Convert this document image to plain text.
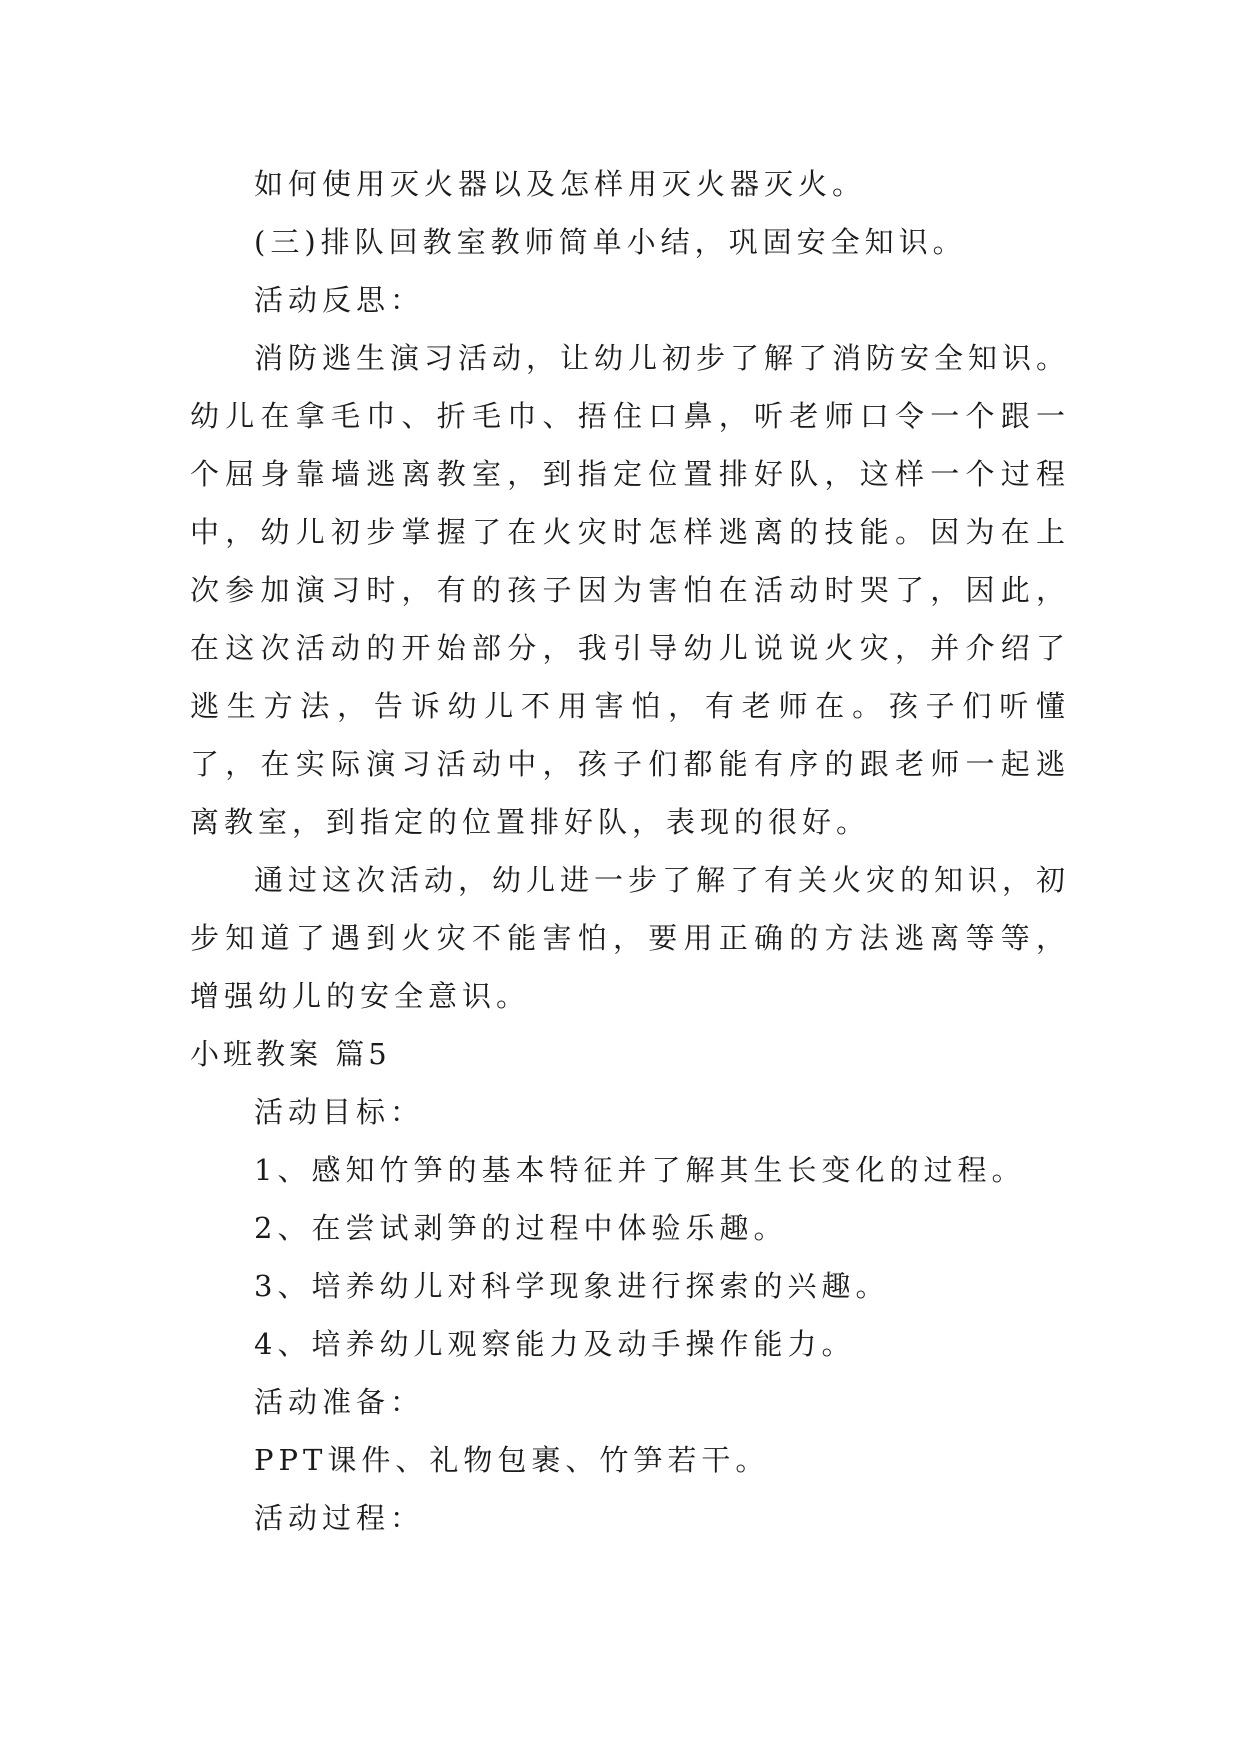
如何使用灭火器以及怎样用灭火器灭火。

(三)排队回教室教师简单小结，巩固安全知识。

活动反思：

消防逃生演习活动，让幼儿初步了解了消防安全知识。幼儿在拿毛巾、折毛巾、捂住口鼻，听老师口令一个跟一个屈身靠墙逃离教室，到指定位置排好队，这样一个过程中，幼儿初步掌握了在火灾时怎样逃离的技能。因为在上次参加演习时，有的孩子因为害怕在活动时哭了，因此，在这次活动的开始部分，我引导幼儿说说火灾，并介绍了逃生方法，告诉幼儿不用害怕，有老师在。孩子们听懂了，在实际演习活动中，孩子们都能有序的跟老师一起逃离教室，到指定的位置排好队，表现的很好。

通过这次活动，幼儿进一步了解了有关火灾的知识，初步知道了遇到火灾不能害怕，要用正确的方法逃离等等，增强幼儿的安全意识。

小班教案 篇5

活动目标：

1、感知竹笋的基本特征并了解其生长变化的过程。

2、在尝试剥笋的过程中体验乐趣。

3、培养幼儿对科学现象进行探索的兴趣。

4、培养幼儿观察能力及动手操作能力。

活动准备：

PPT课件、礼物包裹、竹笋若干。

活动过程：
